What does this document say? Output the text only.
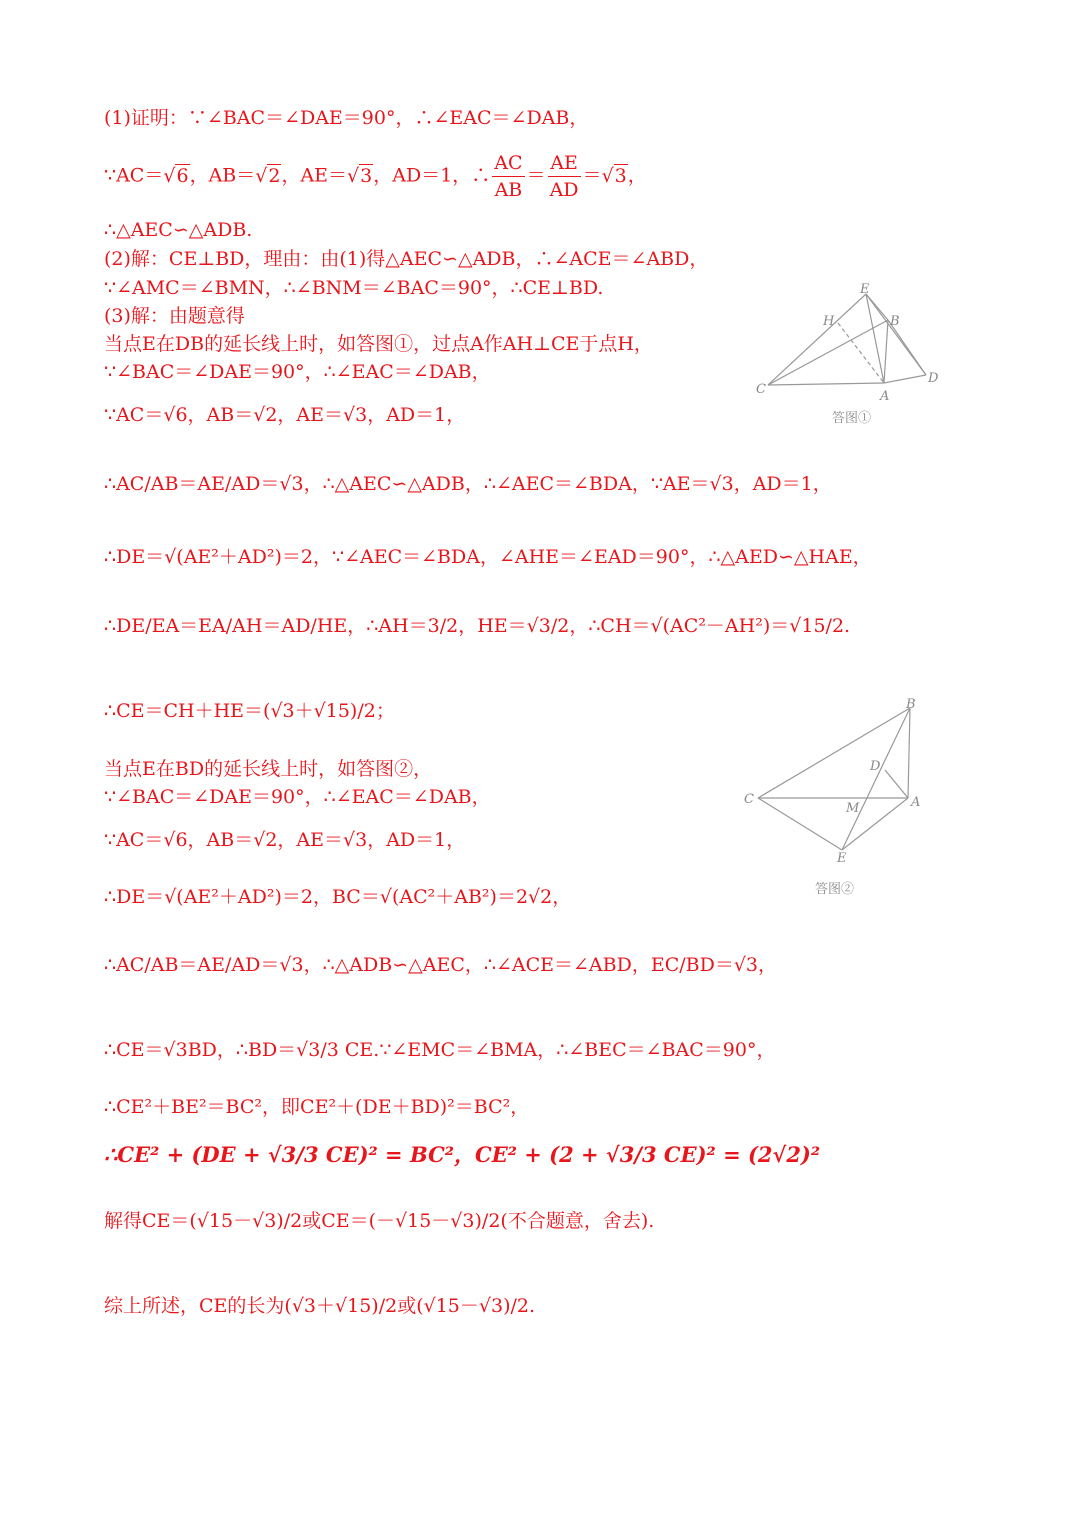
(1)证明：∵∠BAC＝∠DAE＝90°，∴∠EAC＝∠DAB，
∵AC＝√6，AB＝√2，AE＝√3，AD＝1，∴ $\frac{AC}{AB} = \frac{AE}{AD} =√3$，
∴△AEC∽△ADB.
(2)解：CE⊥BD，理由：由(1)得△AEC∽△ADB，∴∠ACE＝∠ABD，
∵∠AMC＝∠BMN，∴∠BNM＝∠BAC＝90°，∴CE⊥BD.
(3)解：由题意得
当点E在DB的延长线上时，如答图①，过点A作AH⊥CE于点H，
∵∠BAC＝∠DAE＝90°，∴∠EAC＝∠DAB，
∵AC＝√6，AB＝√2，AE＝√3，AD＝1，
∴AC/AB＝AE/AD＝√3，∴△AEC∽△ADB，∴∠AEC＝∠BDA，∵AE＝√3，AD＝1，
∴DE＝√(AE²＋AD²)＝2，∵∠AEC＝∠BDA，∠AHE＝∠EAD＝90°，∴△AED∽△HAE，
∴DE/EA＝EA/AH＝AD/HE，∴AH＝3/2，HE＝√3/2，∴CH＝√(AC²－AH²)＝√15/2.
∴CE＝CH＋HE＝(√3＋√15)/2；
当点E在BD的延长线上时，如答图②，
∵∠BAC＝∠DAE＝90°，∴∠EAC＝∠DAB，
∵AC＝√6，AB＝√2，AE＝√3，AD＝1，
∴DE＝√(AE²＋AD²)＝2，BC＝√(AC²＋AB²)＝2√2，
∴AC/AB＝AE/AD＝√3，∴△ADB∽△AEC，∴∠ACE＝∠ABD，EC/BD＝√3，
∴CE＝√3BD，∴BD＝√3/3 CE.∵∠EMC＝∠BMA，∴∠BEC＝∠BAC＝90°，
∴CE²＋BE²＝BC²，即CE²＋(DE＋BD)²＝BC²，
∴CE² + (DE + √3/3 CE)² = BC²，CE² + (2 + √3/3 CE)² = (2√2)²
解得CE＝(√15－√3)/2或CE＝(－√15－√3)/2(不合题意，舍去).
综上所述，CE的长为(√3＋√15)/2或(√15－√3)/2.
E
H	B
C	A
D
答图①
B
D
C
M	A
E
答图②
